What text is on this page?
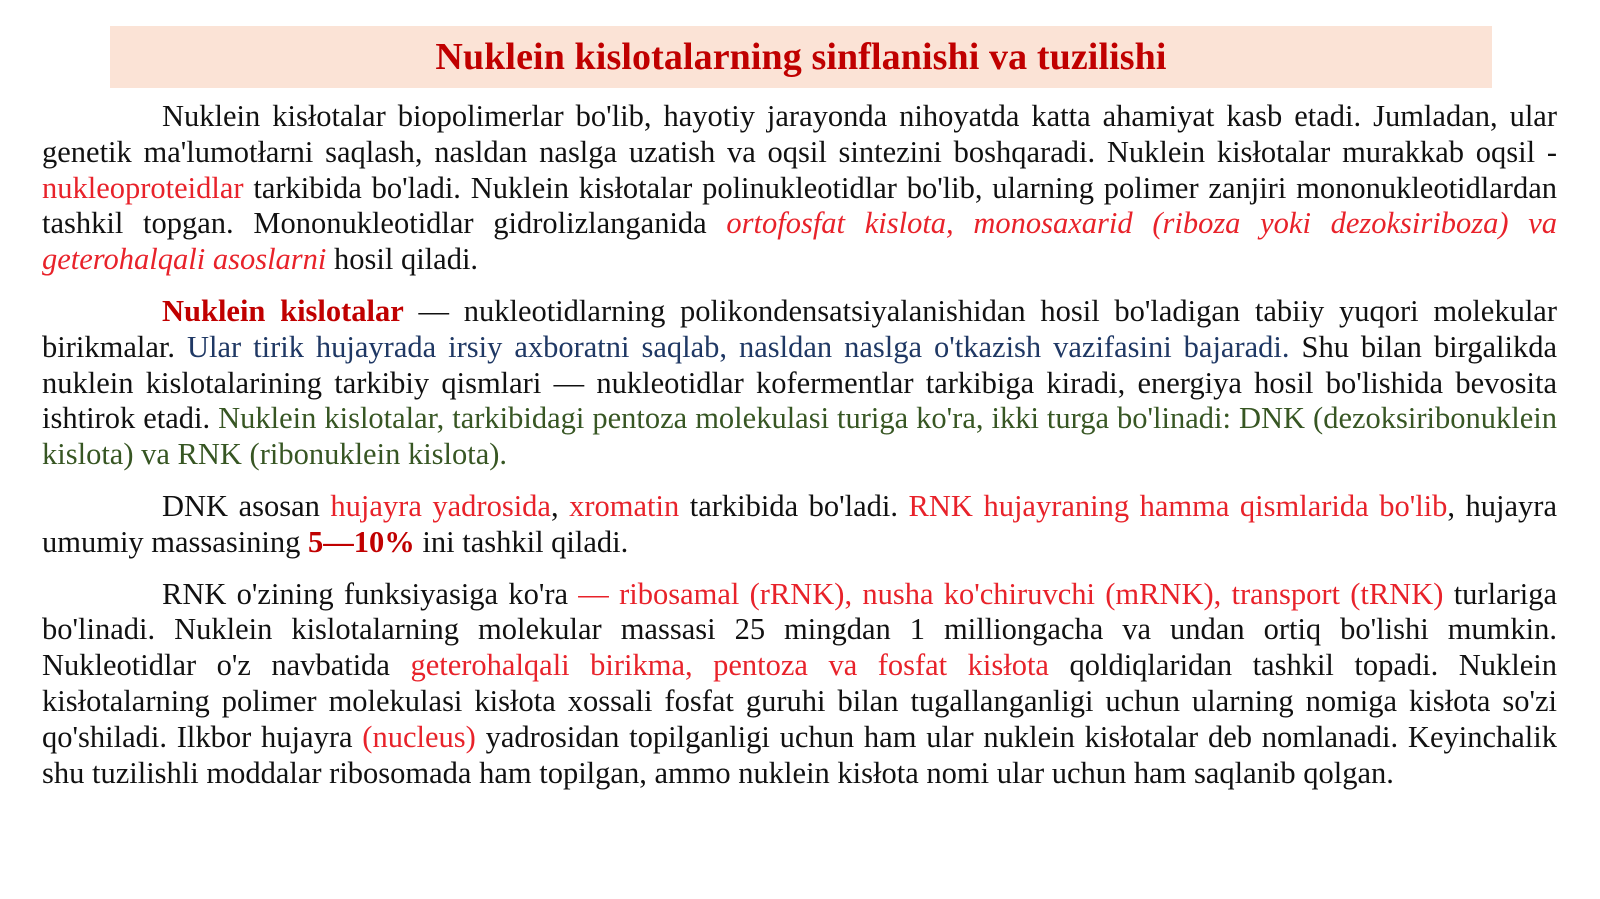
Nuklein kislotalarning sinflanishi va tuzilishi

Nuklein kisłotalar biopolimerlar bo'lib, hayotiy jarayonda nihoyatda katta ahamiyat kasb etadi. Jumladan, ular genetik ma'lumotłarni saqlash, nasldan naslga uzatish va oqsil sintezini boshqaradi. Nuklein kisłotalar murakkab oqsil - nukleoproteidlar tarkibida bo'ladi. Nuklein kisłotalar polinukleotidlar bo'lib, ularning polimer zanjiri mononukleotidlardan tashkil topgan. Mononukleotidlar gidrolizlanganida ortofosfat kislota, monosaxarid (riboza yoki dezoksiriboza) va geterohalqali asoslarni hosil qiladi.

Nuklein kislotalar — nukleotidlarning polikondensatsiyalanishidan hosil bo'ladigan tabiiy yuqori molekular birikmalar. Ular tirik hujayrada irsiy axboratni saqlab, nasldan naslga o'tkazish vazifasini bajaradi. Shu bilan birgalikda nuklein kislotalarining tarkibiy qismlari — nukleotidlar kofermentlar tarkibiga kiradi, energiya hosil bo'lishida bevosita ishtirok etadi. Nuklein kislotalar, tarkibidagi pentoza molekulasi turiga ko'ra, ikki turga bo'linadi: DNK (dezoksiribonuklein kislota) va RNK (ribonuklein kislota).

DNK asosan hujayra yadrosida, xromatin tarkibida bo'ladi. RNK hujayraning hamma qismlarida bo'lib, hujayra umumiy massasining 5—10% ini tashkil qiladi.

RNK o'zining funksiyasiga ko'ra — ribosamal (rRNK), nusha ko'chiruvchi (mRNK), transport (tRNK) turlariga bo'linadi. Nuklein kislotalarning molekular massasi 25 mingdan 1 milliongacha va undan ortiq bo'lishi mumkin. Nukleotidlar o'z navbatida geterohalqali birikma, pentoza va fosfat kisłota qoldiqlaridan tashkil topadi. Nuklein kisłotalarning polimer molekulasi kisłota xossali fosfat guruhi bilan tugallanganligi uchun ularning nomiga kisłota so'zi qo'shiladi. Ilkbor hujayra (nucleus) yadrosidan topilganligi uchun ham ular nuklein kisłotalar deb nomlanadi. Keyinchalik shu tuzilishli moddalar ribosomada ham topilgan, ammo nuklein kisłota nomi ular uchun ham saqlanib qolgan.
